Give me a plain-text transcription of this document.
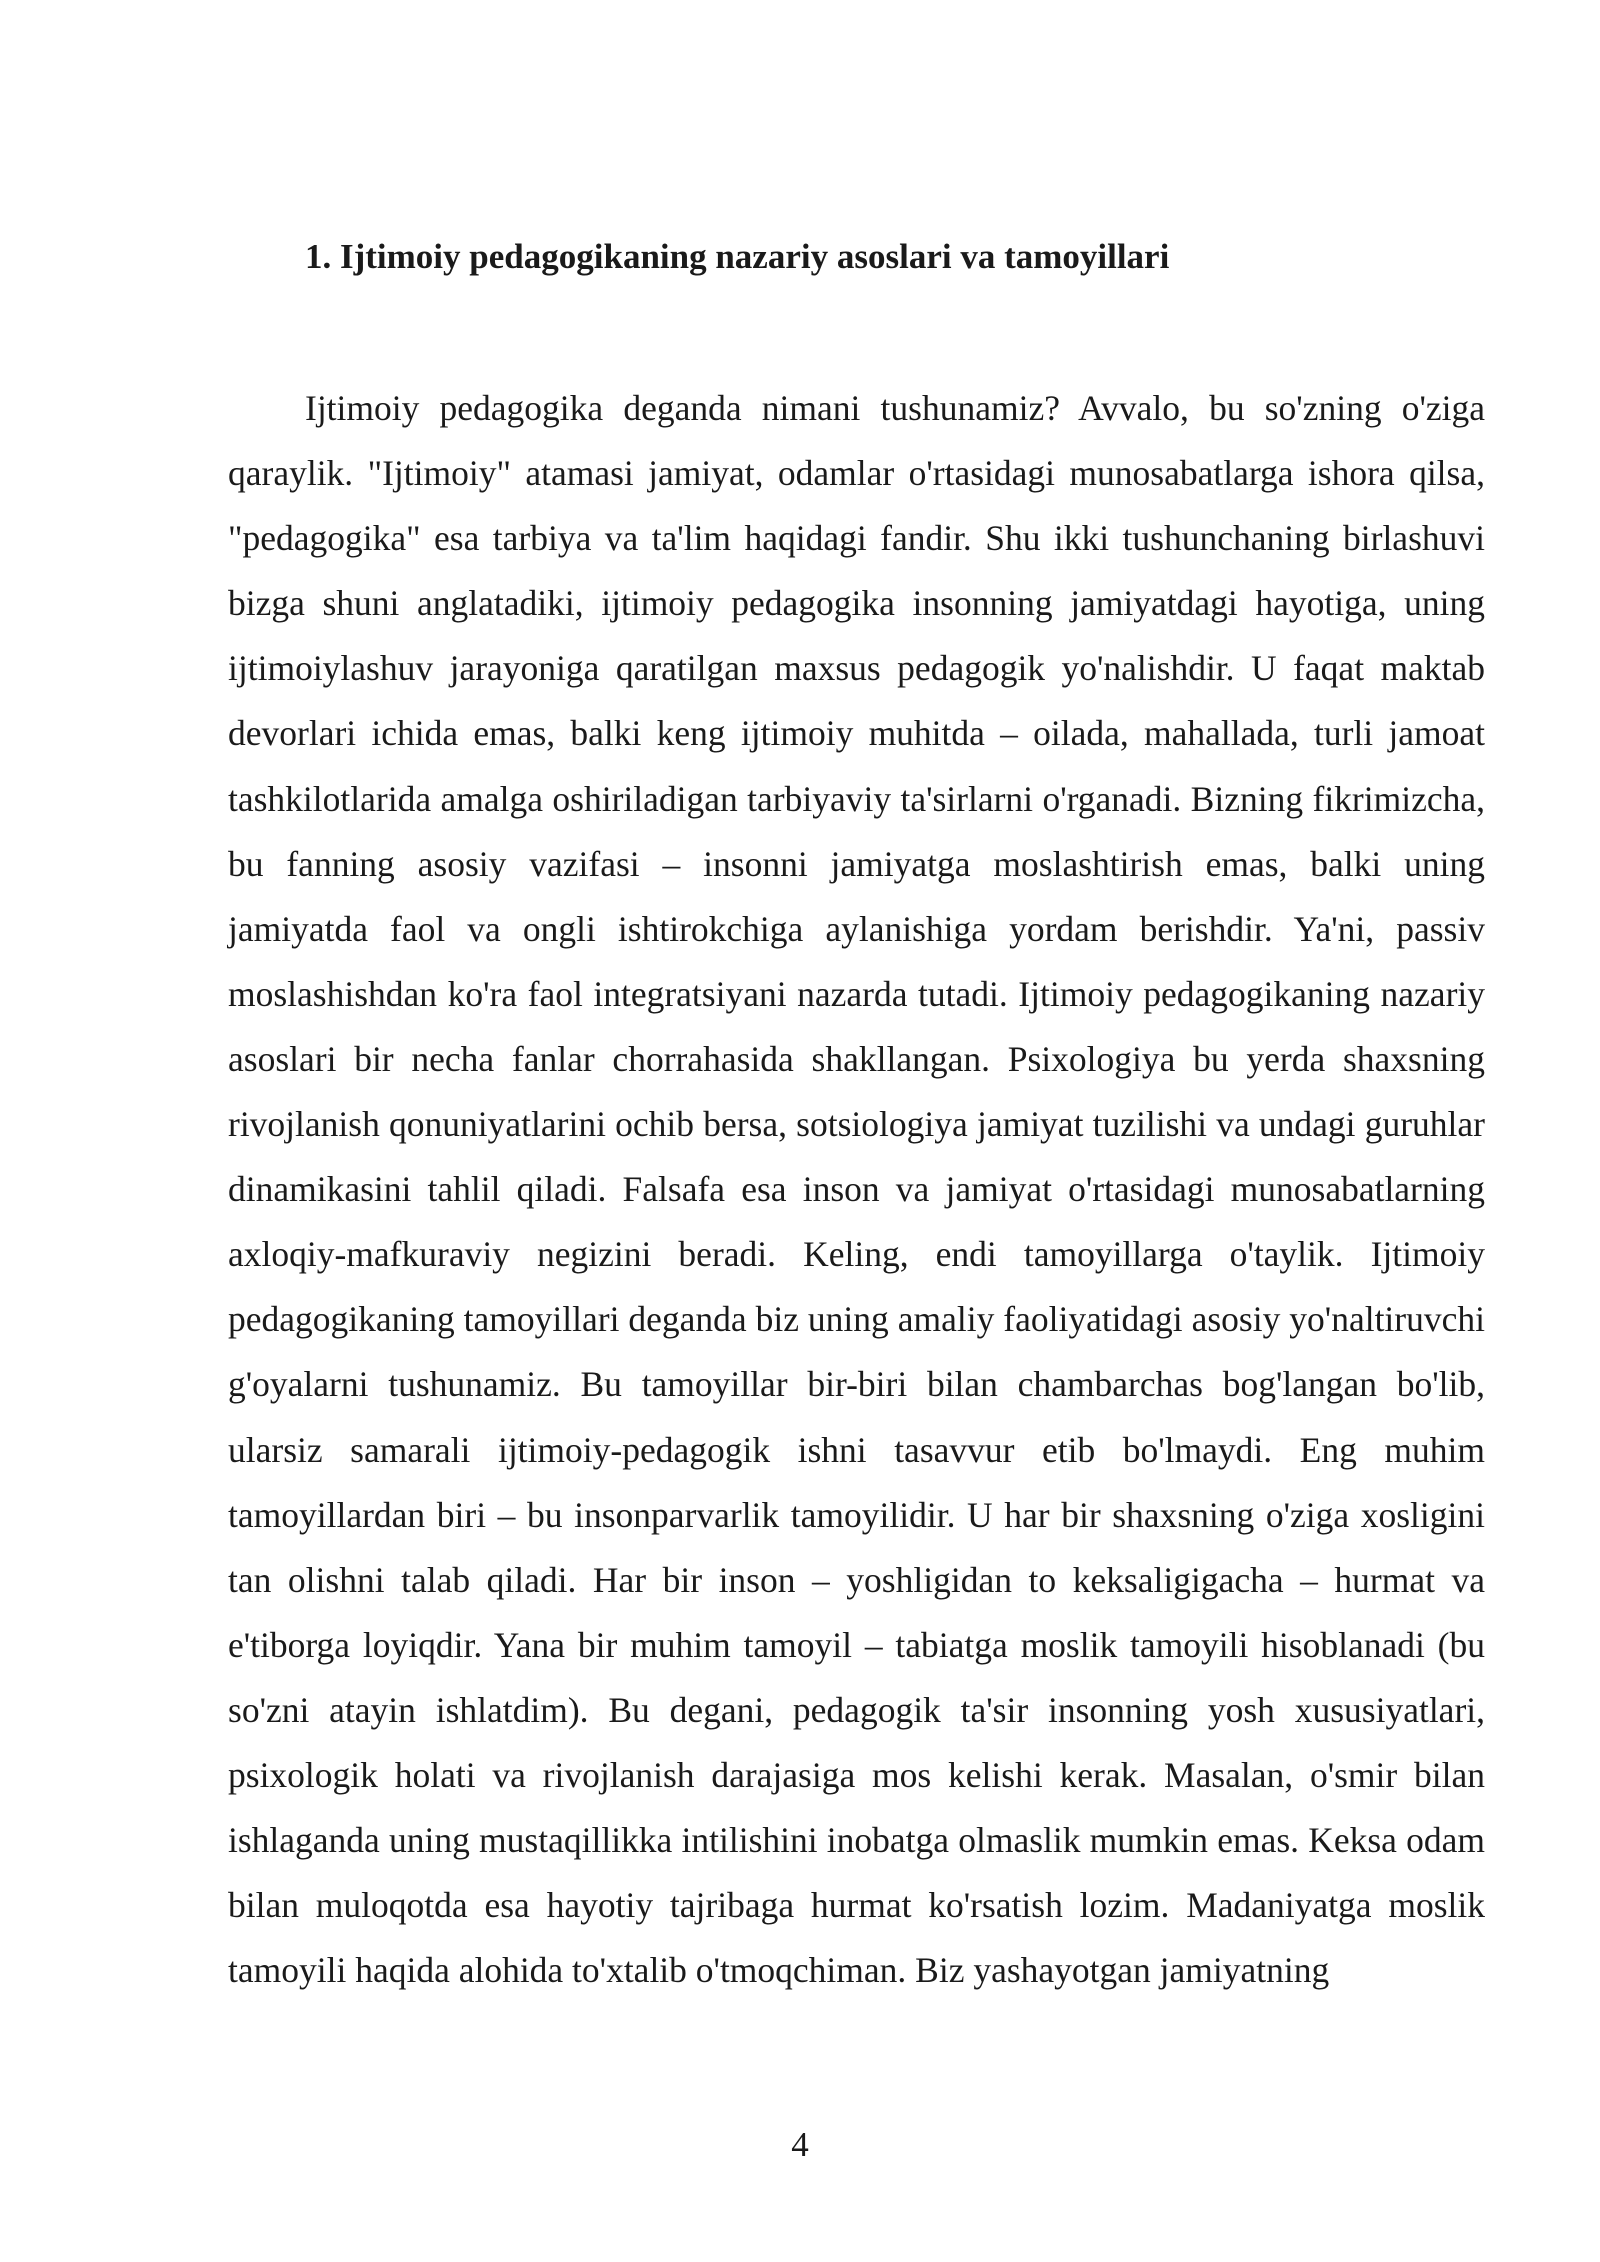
1. Ijtimoiy pedagogikaning nazariy asoslari va tamoyillari

Ijtimoiy pedagogika deganda nimani tushunamiz? Avvalo, bu so'zning o'ziga qaraylik. "Ijtimoiy" atamasi jamiyat, odamlar o'rtasidagi munosabatlarga ishora qilsa, "pedagogika" esa tarbiya va ta'lim haqidagi fandir. Shu ikki tushunchaning birlashuvi bizga shuni anglatadiki, ijtimoiy pedagogika insonning jamiyatdagi hayotiga, uning ijtimoiylashuv jarayoniga qaratilgan maxsus pedagogik yo'nalishdir. U faqat maktab devorlari ichida emas, balki keng ijtimoiy muhitda – oilada, mahallada, turli jamoat tashkilotlarida amalga oshiriladigan tarbiyaviy ta'sirlarni o'rganadi. Bizning fikrimizcha, bu fanning asosiy vazifasi – insonni jamiyatga moslashtirish emas, balki uning jamiyatda faol va ongli ishtirokchiga aylanishiga yordam berishdir. Ya'ni, passiv moslashishdan ko'ra faol integratsiyani nazarda tutadi. Ijtimoiy pedagogikaning nazariy asoslari bir necha fanlar chorrahasida shakllangan. Psixologiya bu yerda shaxsning rivojlanish qonuniyatlarini ochib bersa, sotsiologiya jamiyat tuzilishi va undagi guruhlar dinamikasini tahlil qiladi. Falsafa esa inson va jamiyat o'rtasidagi munosabatlarning axloqiy-mafkuraviy negizini beradi. Keling, endi tamoyillarga o'taylik. Ijtimoiy pedagogikaning tamoyillari deganda biz uning amaliy faoliyatidagi asosiy yo'naltiruvchi g'oyalarni tushunamiz. Bu tamoyillar bir-biri bilan chambarchas bog'langan bo'lib, ularsiz samarali ijtimoiy-pedagogik ishni tasavvur etib bo'lmaydi. Eng muhim tamoyillardan biri – bu insonparvarlik tamoyilidir. U har bir shaxsning o'ziga xosligini tan olishni talab qiladi. Har bir inson – yoshligidan to keksaligigacha – hurmat va e'tiborga loyiqdir. Yana bir muhim tamoyil – tabiatga moslik tamoyili hisoblanadi (bu so'zni atayin ishlatdim). Bu degani, pedagogik ta'sir insonning yosh xususiyatlari, psixologik holati va rivojlanish darajasiga mos kelishi kerak. Masalan, o'smir bilan ishlaganda uning mustaqillikka intilishini inobatga olmaslik mumkin emas. Keksa odam bilan muloqotda esa hayotiy tajribaga hurmat ko'rsatish lozim. Madaniyatga moslik tamoyili haqida alohida to'xtalib o'tmoqchiman. Biz yashayotgan jamiyatning

4
